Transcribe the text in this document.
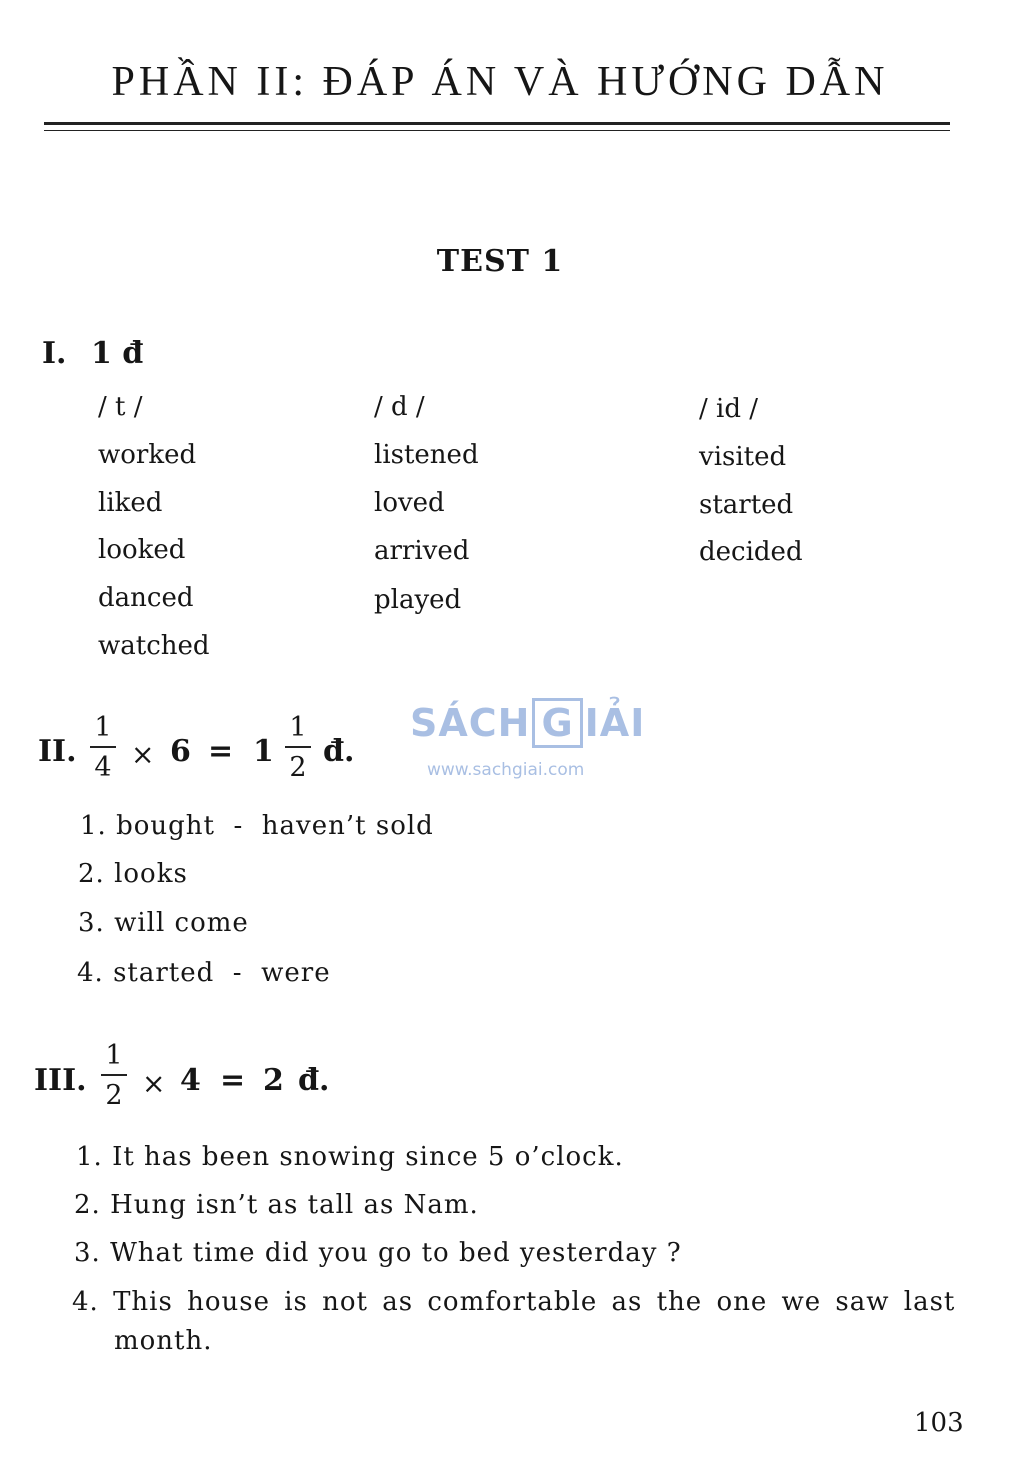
PHẦN II: ĐÁP ÁN VÀ HƯỚNG DẪN
TEST 1
I. 1 đ
/ t /
worked
liked
looked
danced
watched
/ d /
listened
loved
arrived
played
/ id /
visited
started
decided
SÁCH G IẢI
www.sachgiai.com
II.
1
4 × 6 = 1
1
2 đ.
1. bought  -  haven’t sold
2. looks
3. will come
4. started  -  were
III.
1
2 × 4 = 2 đ.
1. It has been snowing since 5 o’clock.
2. Hung isn’t as tall as Nam.
3. What time did you go to bed yesterday ?
4. This house is not as comfortable as the one we saw last
month.
103
